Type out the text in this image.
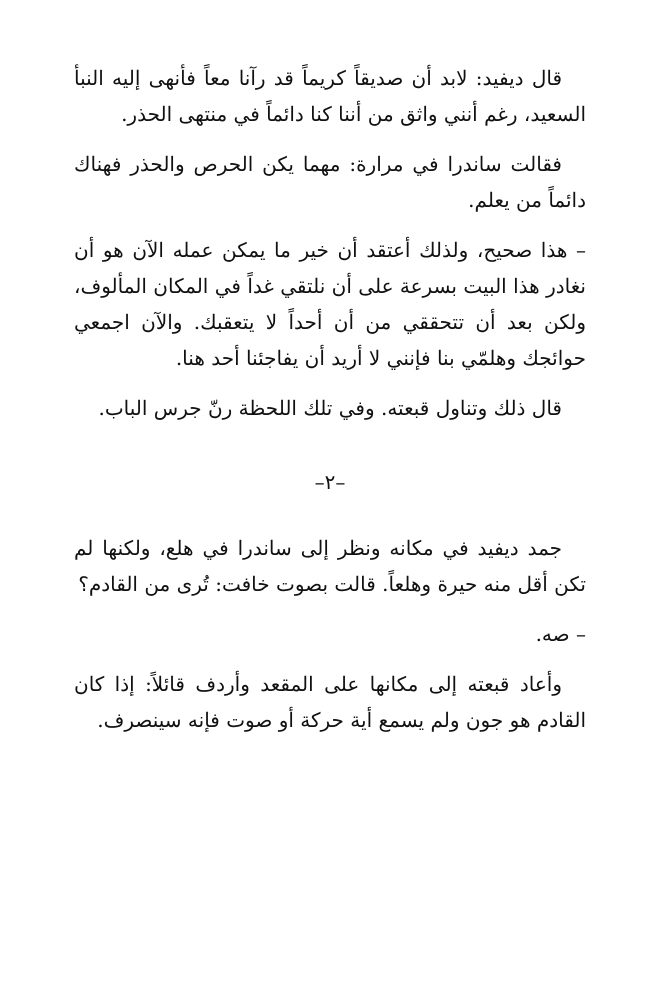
قال ديفيد: لابد أن صديقاً كريماً قد رآنا معاً فأنهى إليه النبأ السعيد، رغم أنني واثق من أننا كنا دائماً في منتهى الحذر.

فقالت ساندرا في مرارة: مهما يكن الحرص والحذر فهناك دائماً من يعلم.

– هذا صحيح، ولذلك أعتقد أن خير ما يمكن عمله الآن هو أن نغادر هذا البيت بسرعة على أن نلتقي غداً في المكان المألوف، ولكن بعد أن تتحققي من أن أحداً لا يتعقبك. والآن اجمعي حوائجك وهلمّي بنا فإنني لا أريد أن يفاجئنا أحد هنا.

قال ذلك وتناول قبعته. وفي تلك اللحظة رنّ جرس الباب.

–٢–

جمد ديفيد في مكانه ونظر إلى ساندرا في هلع، ولكنها لم تكن أقل منه حيرة وهلعاً. قالت بصوت خافت: تُرى من القادم؟

– صه.

وأعاد قبعته إلى مكانها على المقعد وأردف قائلاً: إذا كان القادم هو جون ولم يسمع أية حركة أو صوت فإنه سينصرف.
